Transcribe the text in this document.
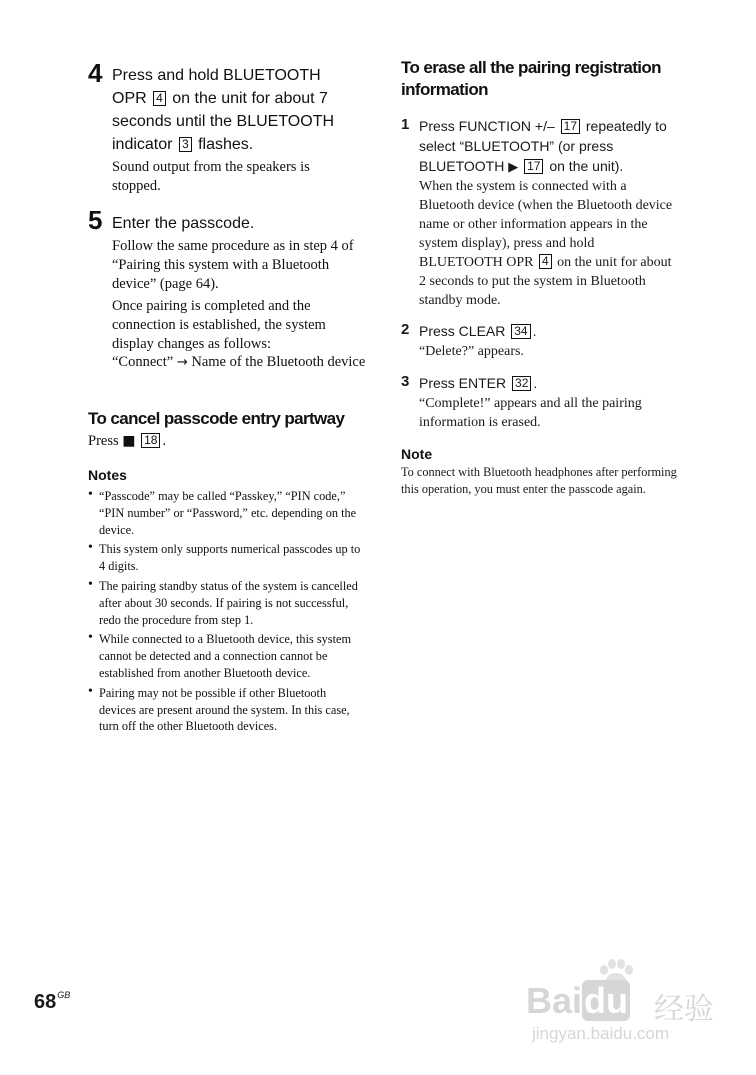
4 Press and hold BLUETOOTH
OPR 4 on the unit for about 7
seconds until the BLUETOOTH
indicator 3 flashes.
Sound output from the speakers is stopped.
5 Enter the passcode.
Follow the same procedure as in step 4 of “Pairing this system with a Bluetooth device” (page 64).
Once pairing is completed and the connection is established, the system display changes as follows:
“Connect” → Name of the Bluetooth device
To cancel passcode entry partway
Press ■ 18 .
Notes
• “Passcode” may be called “Passkey,” “PIN code,” “PIN number” or “Password,” etc. depending on the device.
• This system only supports numerical passcodes up to 4 digits.
• The pairing standby status of the system is cancelled after about 30 seconds. If pairing is not successful, redo the procedure from step 1.
• While connected to a Bluetooth device, this system cannot be detected and a connection cannot be established from another Bluetooth device.
• Pairing may not be possible if other Bluetooth devices are present around the system. In this case, turn off the other Bluetooth devices.
To erase all the pairing registration information
1 Press FUNCTION +/– 17 repeatedly to select “BLUETOOTH” (or press BLUETOOTH ▶ 17 on the unit).
When the system is connected with a Bluetooth device (when the Bluetooth device name or other information appears in the system display), press and hold BLUETOOTH OPR 4 on the unit for about 2 seconds to put the system in Bluetooth standby mode.
2 Press CLEAR 34 .
“Delete?” appears.
3 Press ENTER 32 .
“Complete!” appears and all the pairing information is erased.
Note
To connect with Bluetooth headphones after performing this operation, you must enter the passcode again.
$68^{GB}$	Baidu 经验
jingyan.baidu.com
